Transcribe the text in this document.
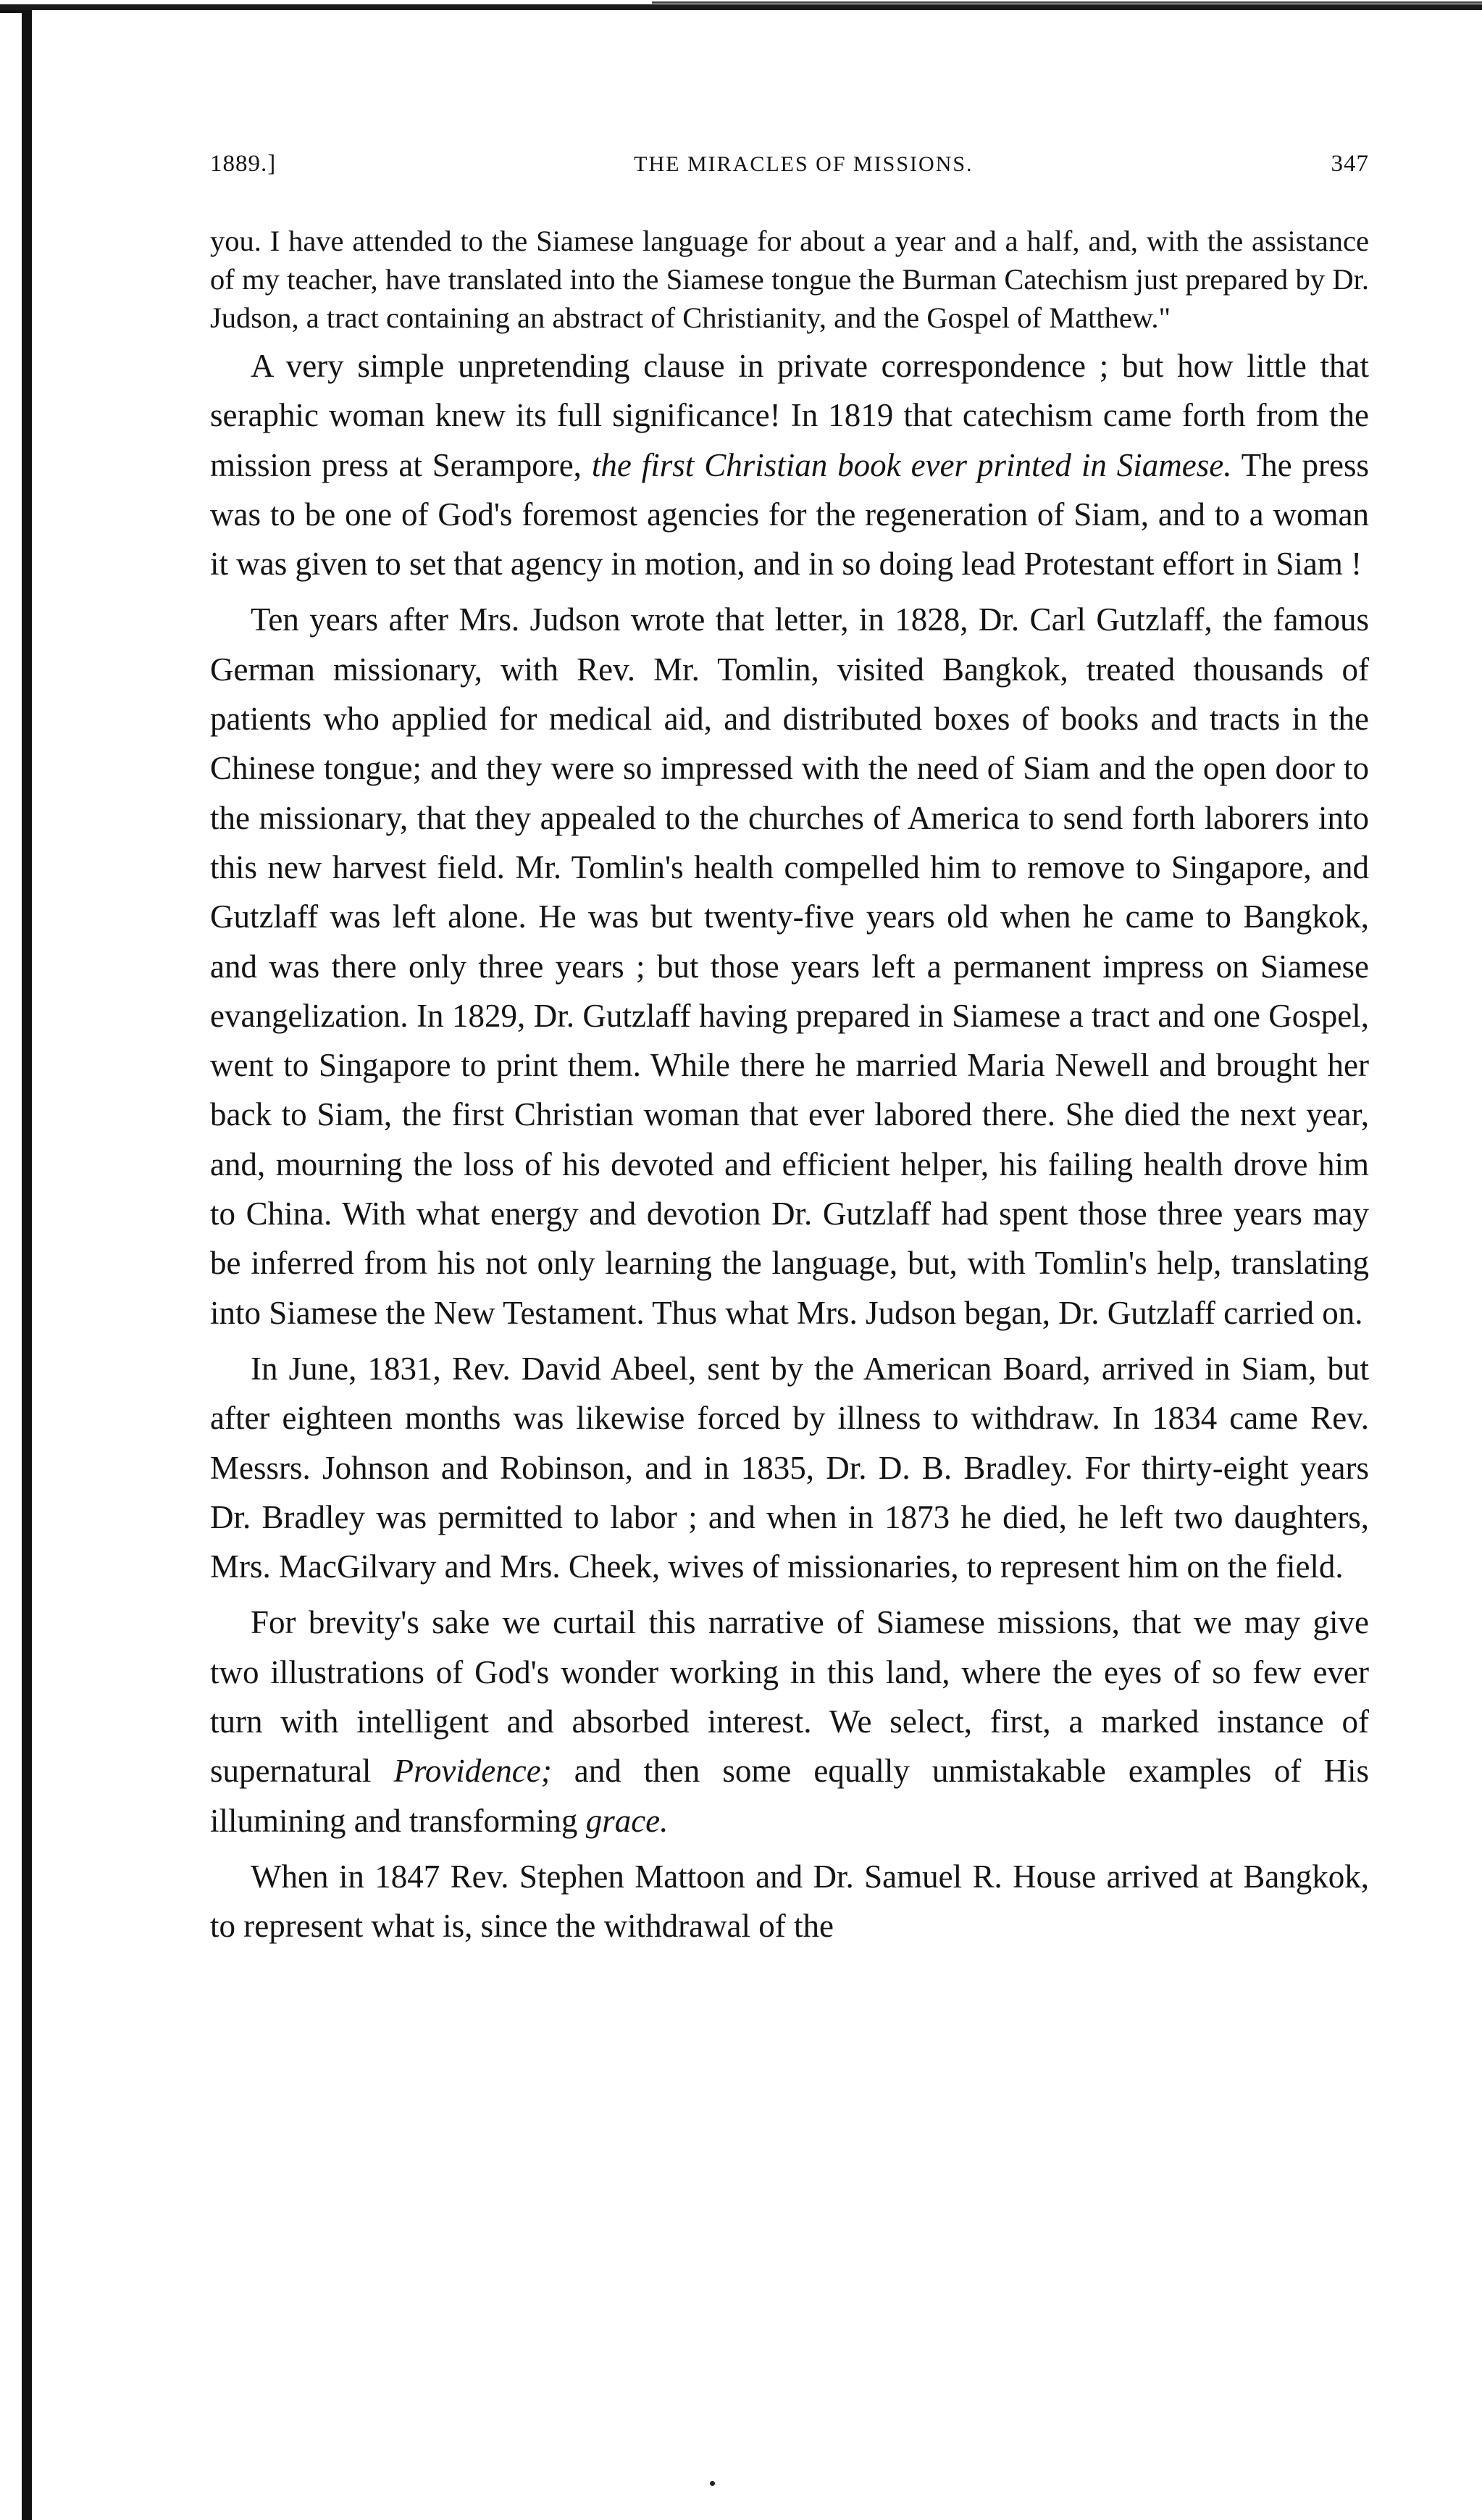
1889.]	THE MIRACLES OF MISSIONS.	347

you. I have attended to the Siamese language for about a year and a half, and, with the assistance of my teacher, have translated into the Siamese tongue the Burman Catechism just prepared by Dr. Judson, a tract containing an abstract of Christianity, and the Gospel of Matthew."

A very simple unpretending clause in private correspondence ; but how little that seraphic woman knew its full significance! In 1819 that catechism came forth from the mission press at Serampore, the first Christian book ever printed in Siamese. The press was to be one of God's foremost agencies for the regeneration of Siam, and to a woman it was given to set that agency in motion, and in so doing lead Protestant effort in Siam !

Ten years after Mrs. Judson wrote that letter, in 1828, Dr. Carl Gutzlaff, the famous German missionary, with Rev. Mr. Tomlin, visited Bangkok, treated thousands of patients who applied for medical aid, and distributed boxes of books and tracts in the Chinese tongue; and they were so impressed with the need of Siam and the open door to the missionary, that they appealed to the churches of America to send forth laborers into this new harvest field. Mr. Tomlin's health compelled him to remove to Singapore, and Gutzlaff was left alone. He was but twenty-five years old when he came to Bangkok, and was there only three years ; but those years left a permanent impress on Siamese evangelization. In 1829, Dr. Gutzlaff having prepared in Siamese a tract and one Gospel, went to Singapore to print them. While there he married Maria Newell and brought her back to Siam, the first Christian woman that ever labored there. She died the next year, and, mourning the loss of his devoted and efficient helper, his failing health drove him to China. With what energy and devotion Dr. Gutzlaff had spent those three years may be inferred from his not only learning the language, but, with Tomlin's help, translating into Siamese the New Testament. Thus what Mrs. Judson began, Dr. Gutzlaff carried on.

In June, 1831, Rev. David Abeel, sent by the American Board, arrived in Siam, but after eighteen months was likewise forced by illness to withdraw. In 1834 came Rev. Messrs. Johnson and Robinson, and in 1835, Dr. D. B. Bradley. For thirty-eight years Dr. Bradley was permitted to labor ; and when in 1873 he died, he left two daughters, Mrs. MacGilvary and Mrs. Cheek, wives of missionaries, to represent him on the field.

For brevity's sake we curtail this narrative of Siamese missions, that we may give two illustrations of God's wonder working in this land, where the eyes of so few ever turn with intelligent and absorbed interest. We select, first, a marked instance of supernatural Providence; and then some equally unmistakable examples of His illumining and transforming grace.

When in 1847 Rev. Stephen Mattoon and Dr. Samuel R. House arrived at Bangkok, to represent what is, since the withdrawal of the
